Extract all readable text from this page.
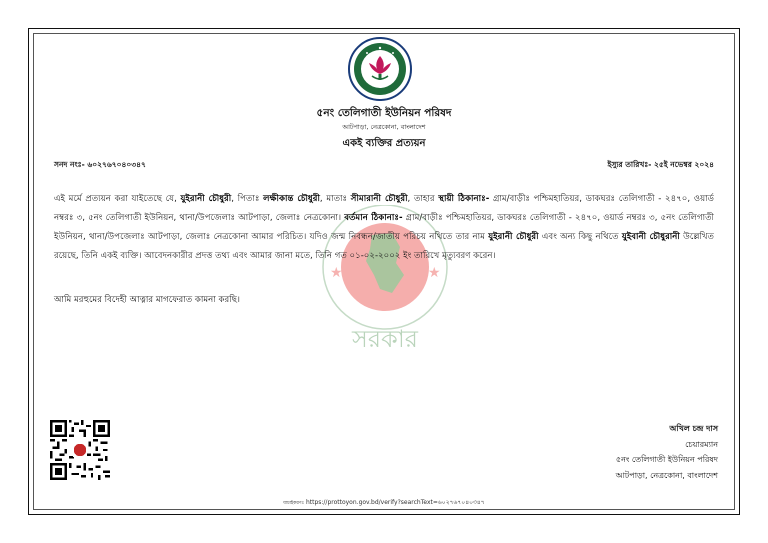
৫নং তেলিগাতী ইউনিয়ন পরিষদ
আটপাড়া, নেত্রকোনা, বাংলাদেশ
একই ব্যক্তির প্রত্যয়ন
সনদ নংঃ- ৬০২৭৬৭০৪০৩৪৭	ইস্যুর তারিখঃ- ২৫ই নভেম্বর ২০২৪
★	★
সরকার
এই মর্মে প্রত্যয়ন করা যাইতেছে যে, যুইরানী চৌধুরী, পিতাঃ লক্ষীকান্ত চৌধুরী, মাতাঃ সীমারানী চৌধুরী, তাহার স্থায়ী ঠিকানাঃ- গ্রাম/বাড়ীঃ পশ্চিমহাতিয়র, ডাকঘরঃ তেলিগাতী - ২৪৭০, ওয়ার্ড নম্বরঃ ৩, ৫নং তেলিগাতী ইউনিয়ন, থানা/উপজেলাঃ আটপাড়া, জেলাঃ নেত্রকোনা। বর্তমান ঠিকানাঃ- গ্রাম/বাড়ীঃ পশ্চিমহাতিয়র, ডাকঘরঃ তেলিগাতী - ২৪৭০, ওয়ার্ড নম্বরঃ ৩, ৫নং তেলিগাতী ইউনিয়ন, থানা/উপজেলাঃ আটপাড়া, জেলাঃ নেত্রকোনা আমার পরিচিত। যদিও জন্ম নিবন্ধন/জাতীয় পরিচয় নথিতে তার নাম যুইরানী চৌধুরী এবং অন্য কিছু নথিতে যুইবানী চৌধুরানী উল্লেখিত রয়েছে, তিনি একই ব্যক্তি। আবেদনকারীর প্রদত্ত তথ্য এবং আমার জানা মতে, তিনি গত ০১-০২-২০০২ ইং তারিখে মৃত্যুবরণ করেন।
আমি মরহুমের বিদেহী আত্নার মাগফেরাত কামনা করছি।
অখিল চন্দ্র দাস
চেয়ারম্যান
৫নং তেলিগাতী ইউনিয়ন পরিষদ
আটপাড়া, নেত্রকোনা, বাংলাদেশ
যাচাইকরণঃ https://prottoyon.gov.bd/verify?searchText=৬০২৭৬৭০৪০৩৪৭
